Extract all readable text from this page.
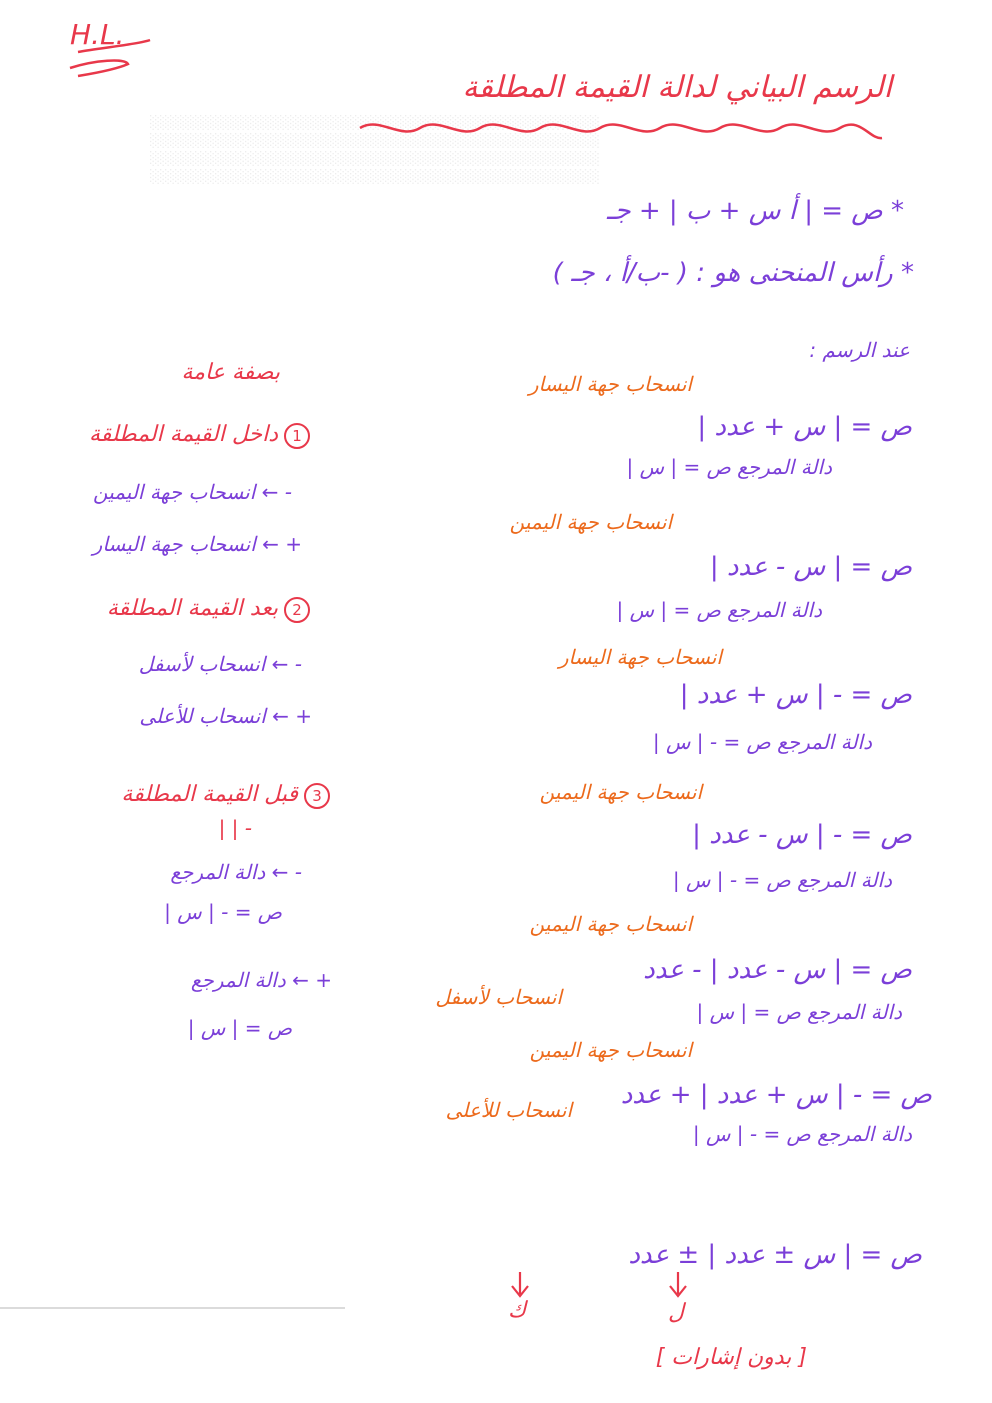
░░░░░░░░░░░░░░░░░░░░░░░░░░░░░░░░░░░░░░░░░░░░░
░░░░░░░░░░░░░░░░░░░░░░░░░░░░░░░░░░░░░░░░░░░░░
░░░░░░░░░░░░░░░░░░░░░░░░░░░░░░░░░░░░░░░░░░░░░
░░░░░░░░░░░░░░░░░░░░░░░░░░░░░░░░░░░░░░░░░░░░░
H.L.
الرسم البياني لدالة القيمة المطلقة
* ص = | أ س + ب | + جـ
* رأس المنحنى هو : ( -ب/أ ، جـ )
عند الرسم :
انسحاب جهة اليسار
ص = | س + عدد |
دالة المرجع ص = | س |
انسحاب جهة اليمين
ص = | س - عدد |
دالة المرجع ص = | س |
انسحاب جهة اليسار
ص = - | س + عدد |
دالة المرجع ص = - | س |
انسحاب جهة اليمين
ص = - | س - عدد |
دالة المرجع ص = - | س |
انسحاب جهة اليمين
ص = | س - عدد | - عدد
انسحاب لأسفل
دالة المرجع ص = | س |
انسحاب جهة اليمين
ص = - | س + عدد | + عدد
انسحاب للأعلى
دالة المرجع ص = - | س |
بصفة عامة
1داخل القيمة المطلقة
- ← انسحاب جهة اليمين
+ ← انسحاب جهة اليسار
2بعد القيمة المطلقة
- ← انسحاب لأسفل
+ ← انسحاب للأعلى
3قبل القيمة المطلقة
- | |
- ← دالة المرجع
ص = - | س |
+ ← دالة المرجع
ص = | س |
ص = | س ± عدد | ± عدد
ل
ك
[ بدون إشارات ]
